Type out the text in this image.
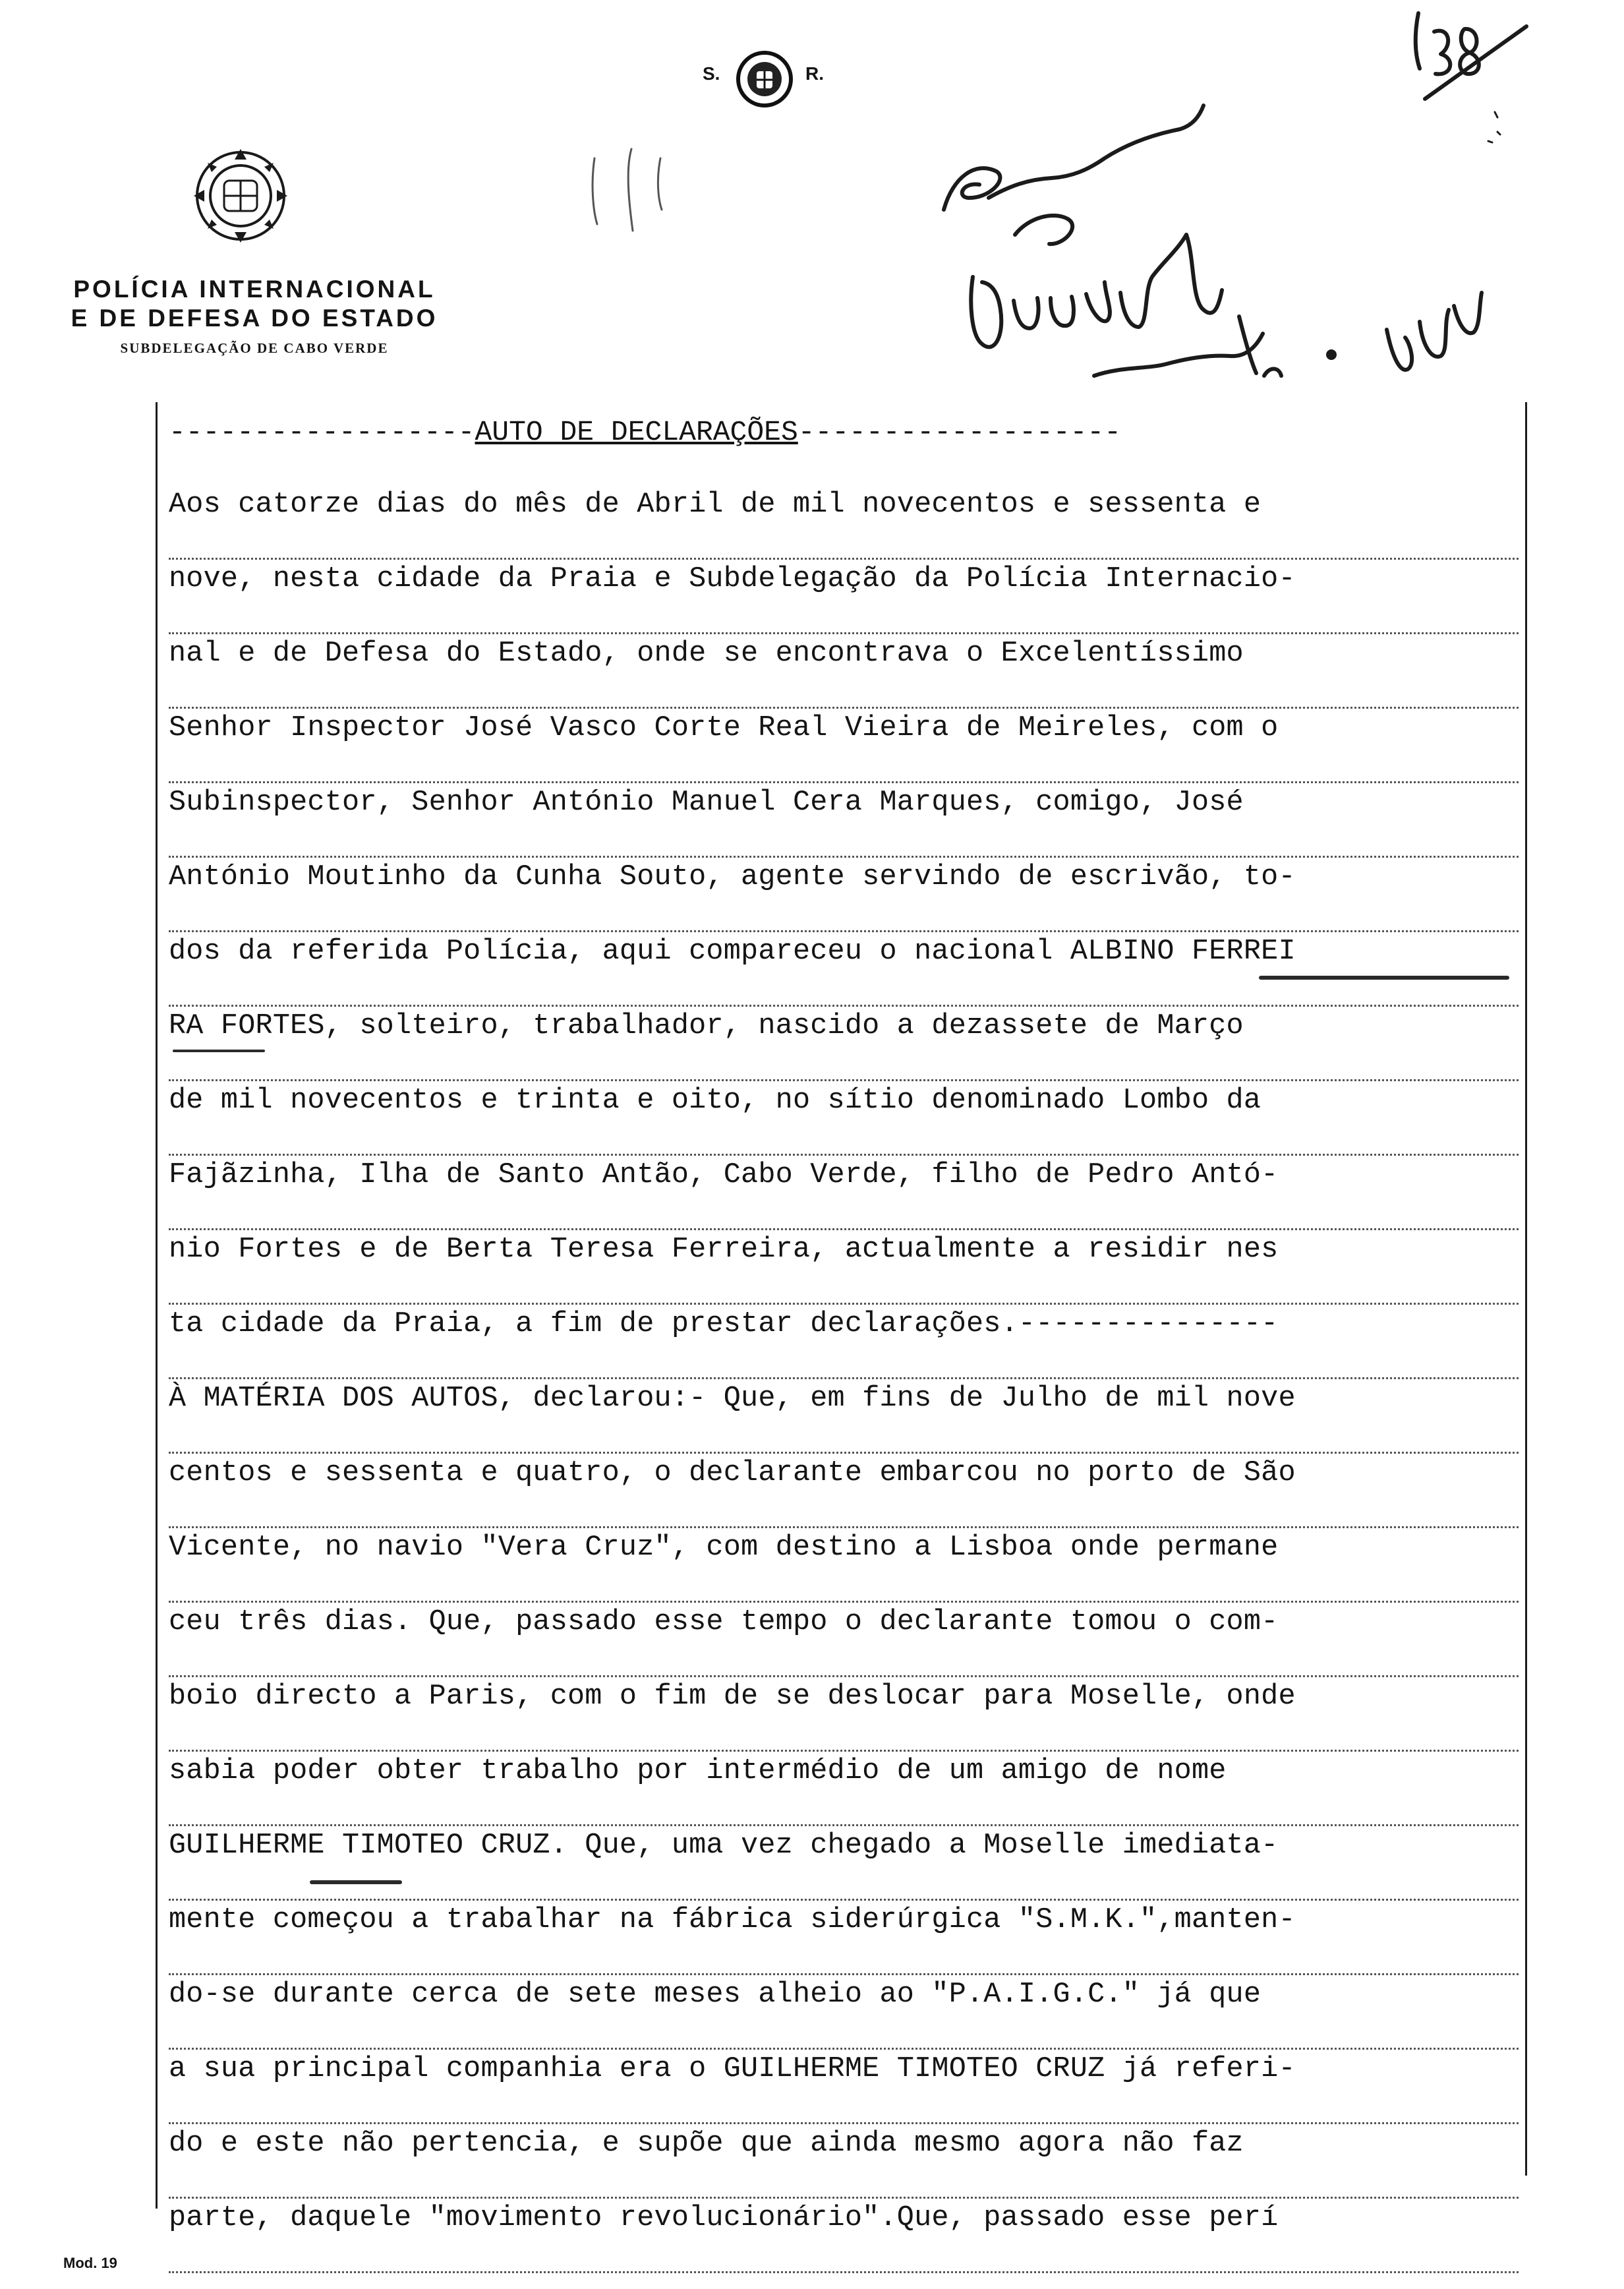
S.	R.
POLÍCIA INTERNACIONAL
E DE DEFESA DO ESTADO
SUBDELEGAÇÃO DE CABO VERDE
------------------AUTO DE DECLARAÇÕES-------------------
Aos catorze dias do mês de Abril de mil novecentos e sessenta e
nove, nesta cidade da Praia e Subdelegação da Polícia Internacio-
nal e de Defesa do Estado, onde se encontrava o Excelentíssimo
Senhor Inspector José Vasco Corte Real Vieira de Meireles, com o
Subinspector, Senhor António Manuel Cera Marques, comigo, José
António Moutinho da Cunha Souto, agente servindo de escrivão, to-
dos da referida Polícia, aqui compareceu o nacional ALBINO FERREI
RA FORTES, solteiro, trabalhador, nascido a dezassete de Março
de mil novecentos e trinta e oito, no sítio denominado Lombo da
Fajãzinha, Ilha de Santo Antão, Cabo Verde, filho de Pedro Antó-
nio Fortes e de Berta Teresa Ferreira, actualmente a residir nes
ta cidade da Praia, a fim de prestar declarações.---------------
À MATÉRIA DOS AUTOS, declarou:- Que, em fins de Julho de mil nove
centos e sessenta e quatro, o declarante embarcou no porto de São
Vicente, no navio "Vera Cruz", com destino a Lisboa onde permane
ceu três dias. Que, passado esse tempo o declarante tomou o com-
boio directo a Paris, com o fim de se deslocar para Moselle, onde
sabia poder obter trabalho por intermédio de um amigo de nome
GUILHERME TIMOTEO CRUZ. Que, uma vez chegado a Moselle imediata-
mente começou a trabalhar na fábrica siderúrgica "S.M.K.",manten-
do-se durante cerca de sete meses alheio ao "P.A.I.G.C." já que
a sua principal companhia era o GUILHERME TIMOTEO CRUZ já referi-
do e este não pertencia, e supõe que ainda mesmo agora não faz
parte, daquele "movimento revolucionário".Que, passado esse perí
Mod. 19
